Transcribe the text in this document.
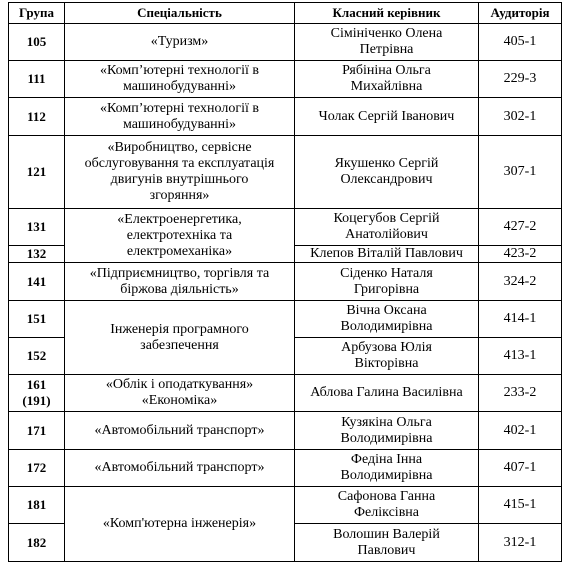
Група	Спеціальність	Класний керівник	Аудиторія
105	«Туризм»	Сімініченко Олена Петрівна	405-1
111	«Комп’ютерні технології в машинобудуванні»	Рябініна Ольга Михайлівна	229-3
112	«Комп’ютерні технології в машинобудуванні»	Чолак Сергій Іванович	302-1
121	«Виробництво, сервісне обслуговування та експлуатація двигунів внутрішнього згоряння»	Якушенко Сергій Олександрович	307-1
131	«Електроенергетика, електротехніка та електромеханіка»	Коцегубов Сергій Анатолійович	427-2
132		Клепов Віталій Павлович	423-2
141	«Підприємництво, торгівля та біржова діяльність»	Сіденко Наталя Григорівна	324-2
151	Інженерія програмного забезпечення	Вічна Оксана Володимирівна	414-1
152		Арбузова Юлія Вікторівна	413-1
161 (191)	«Облік і оподаткування» «Економіка»	Аблова Галина Василівна	233-2
171	«Автомобільний транспорт»	Кузякіна Ольга Володимирівна	402-1
172	«Автомобільний транспорт»	Федіна Інна Володимирівна	407-1
181	«Комп'ютерна інженерія»	Сафонова Ганна Феліксівна	415-1
182		Волошин Валерій Павлович	312-1
